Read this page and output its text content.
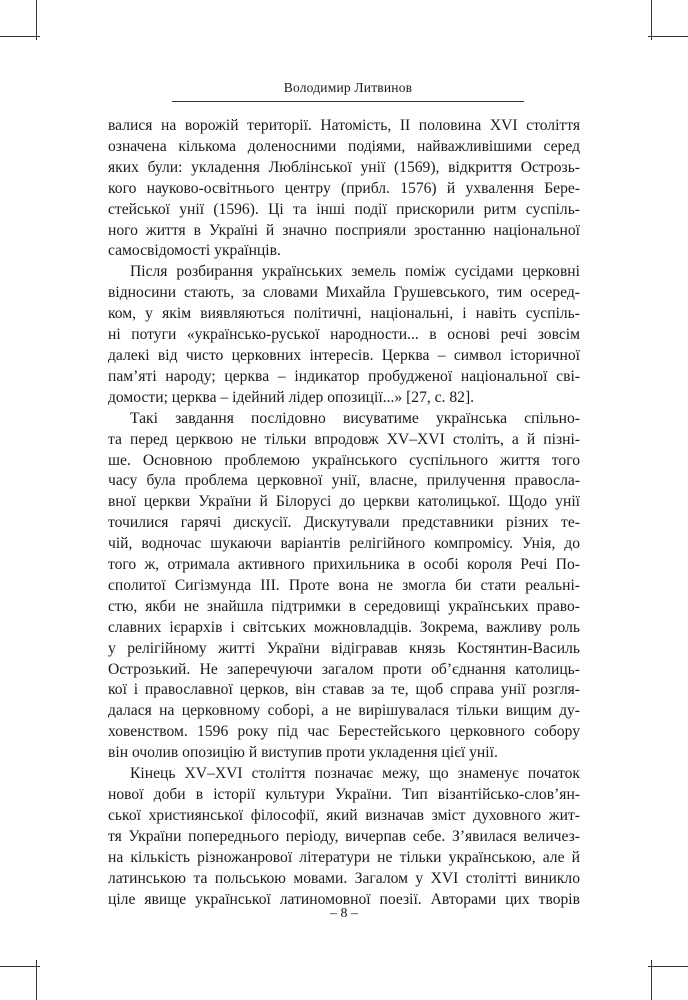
Володимир Литвинов

валися на ворожій території. Натомість, ІІ половина XVI століття
означена кількома доленосними подіями, найважливішими серед
яких були: укладення Люблінської унії (1569), відкриття Острозь-
кого науково-освітнього центру (прибл. 1576) й ухвалення Бере-
стейської унії (1596). Ці та інші події прискорили ритм суспіль-
ного життя в Україні й значно посприяли зростанню національної
самосвідомості українців.

Після розбирання українських земель поміж сусідами церковні
відносини стають, за словами Михайла Грушевського, тим осеред-
ком, у якім виявляються політичні, національні, і навіть суспіль-
ні потуги «українсько-руської народности... в основі речі зовсім
далекі від чисто церковних інтересів. Церква – символ історичної
пам’яті народу; церква – індикатор пробудженої національної сві-
домости; церква – ідейний лідер опозиції...» [27, с. 82].

Такі завдання послідовно висуватиме українська спільно-
та перед церквою не тільки впродовж XV–XVI століть, а й пізні-
ше. Основною проблемою українського суспільного життя того
часу була проблема церковної унії, власне, прилучення правосла-
вної церкви України й Білорусі до церкви католицької. Щодо унії
точилися гарячі дискусії. Дискутували представники різних те-
чій, водночас шукаючи варіантів релігійного компромісу. Унія, до
того ж, отримала активного прихильника в особі короля Речі По-
сполитої Сигізмунда ІІІ. Проте вона не змогла би стати реальні-
стю, якби не знайшла підтримки в середовищі українських право-
славних ієрархів і світських можновладців. Зокрема, важливу роль
у релігійному житті України відігравав князь Костянтин-Василь
Острозький. Не заперечуючи загалом проти об’єднання католиць-
кої і православної церков, він ставав за те, щоб справа унії розгля-
далася на церковному соборі, а не вирішувалася тільки вищим ду-
ховенством. 1596 року під час Берестейського церковного собору
він очолив опозицію й виступив проти укладення цієї унії.

Кінець XV–XVI століття позначає межу, що знаменує початок
нової доби в історії культури України. Тип візантійсько-слов’ян-
ської християнської філософії, який визначав зміст духовного жит-
тя України попереднього періоду, вичерпав себе. З’явилася величез-
на кількість різножанрової літератури не тільки українською, але й
латинською та польською мовами. Загалом у XVI столітті виникло
ціле явище української латиномовної поезії. Авторами цих творів

– 8 –
